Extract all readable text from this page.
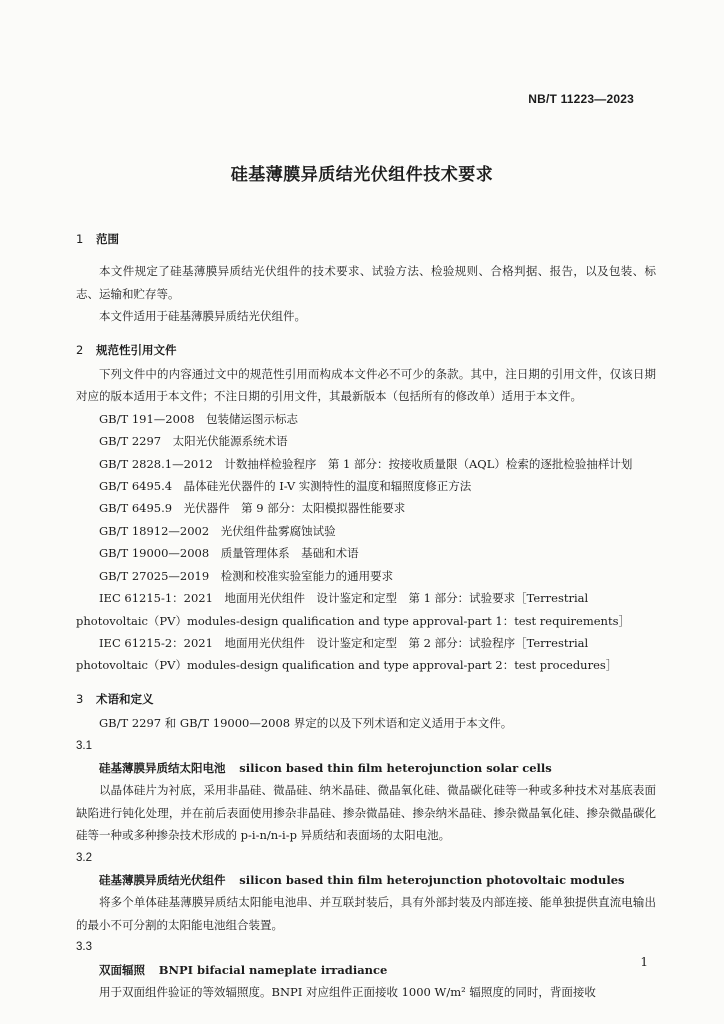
NB/T 11223—2023
硅基薄膜异质结光伏组件技术要求

1 范围

本文件规定了硅基薄膜异质结光伏组件的技术要求、试验方法、检验规则、合格判据、报告，以及包装、标志、运输和贮存等。

本文件适用于硅基薄膜异质结光伏组件。

2 规范性引用文件

下列文件中的内容通过文中的规范性引用而构成本文件必不可少的条款。其中，注日期的引用文件，仅该日期对应的版本适用于本文件；不注日期的引用文件，其最新版本（包括所有的修改单）适用于本文件。

GB/T 191—2008　包装储运图示标志

GB/T 2297　太阳光伏能源系统术语

GB/T 2828.1—2012　计数抽样检验程序　第 1 部分：按接收质量限（AQL）检索的逐批检验抽样计划

GB/T 6495.4　晶体硅光伏器件的 I-V 实测特性的温度和辐照度修正方法

GB/T 6495.9　光伏器件　第 9 部分：太阳模拟器性能要求

GB/T 18912—2002　光伏组件盐雾腐蚀试验

GB/T 19000—2008　质量管理体系　基础和术语

GB/T 27025—2019　检测和校准实验室能力的通用要求

IEC 61215-1：2021　地面用光伏组件　设计鉴定和定型　第 1 部分：试验要求［Terrestrial photovoltaic（PV）modules-design qualification and type approval-part 1：test requirements］

IEC 61215-2：2021　地面用光伏组件　设计鉴定和定型　第 2 部分：试验程序［Terrestrial photovoltaic（PV）modules-design qualification and type approval-part 2：test procedures］

3 术语和定义

GB/T 2297 和 GB/T 19000—2008 界定的以及下列术语和定义适用于本文件。

3.1

硅基薄膜异质结太阳电池 silicon based thin film heterojunction solar cells

以晶体硅片为衬底，采用非晶硅、微晶硅、纳米晶硅、微晶氧化硅、微晶碳化硅等一种或多种技术对基底表面缺陷进行钝化处理，并在前后表面使用掺杂非晶硅、掺杂微晶硅、掺杂纳米晶硅、掺杂微晶氧化硅、掺杂微晶碳化硅等一种或多种掺杂技术形成的 p-i-n/n-i-p 异质结和表面场的太阳电池。

3.2

硅基薄膜异质结光伏组件 silicon based thin film heterojunction photovoltaic modules

将多个单体硅基薄膜异质结太阳能电池串、并互联封装后，具有外部封装及内部连接、能单独提供直流电输出的最小不可分割的太阳能电池组合装置。

3.3

双面辐照 BNPI bifacial nameplate irradiance

用于双面组件验证的等效辐照度。BNPI 对应组件正面接收 1000 W/m² 辐照度的同时，背面接收

1
